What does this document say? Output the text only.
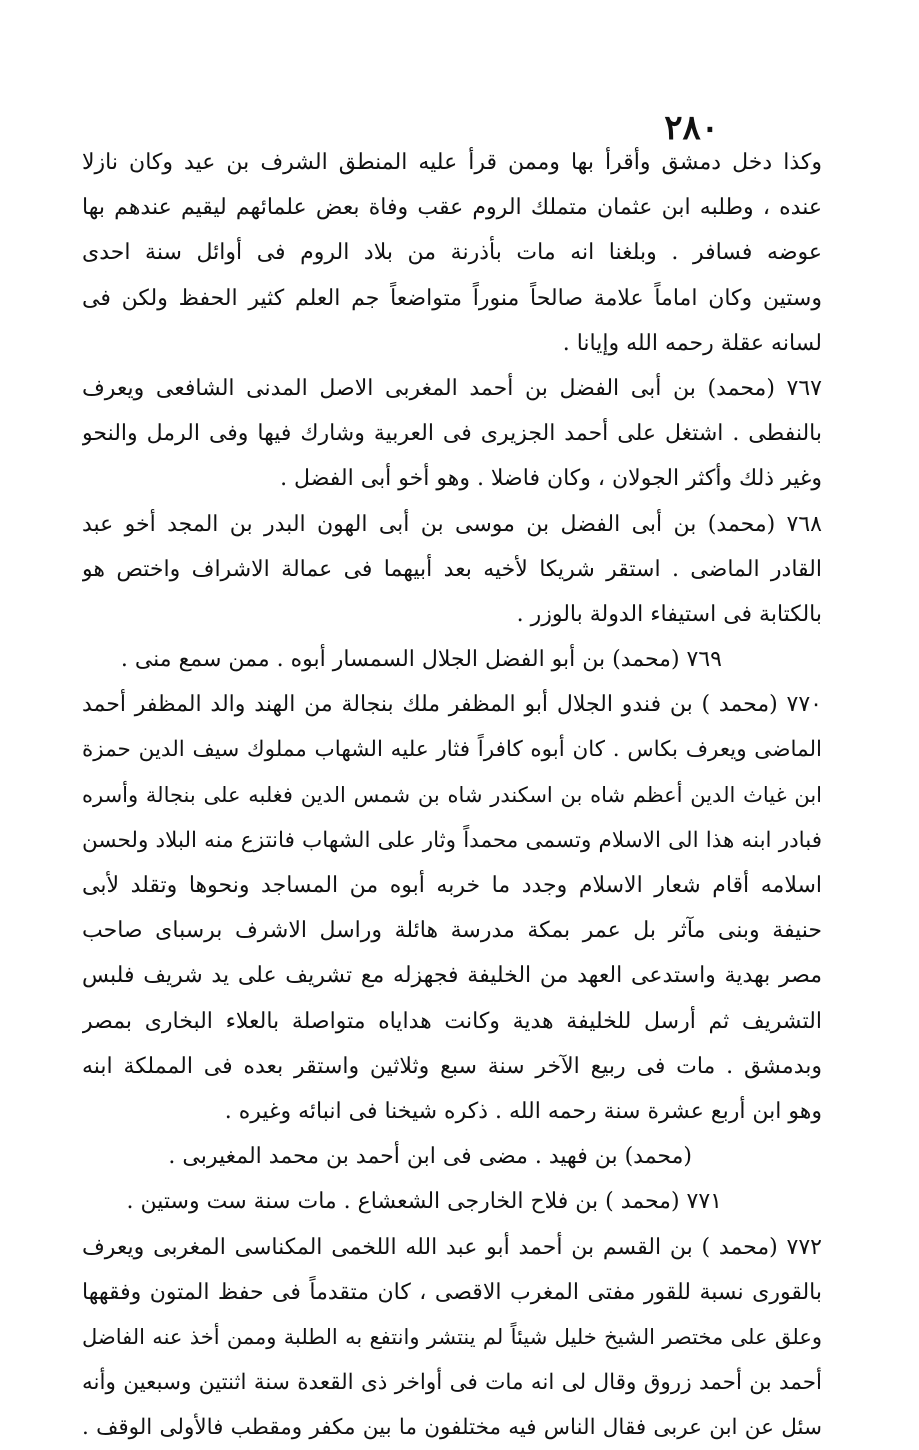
٢٨٠
وكذا دخل دمشق وأقرأ بها وممن قرأ عليه المنطق الشرف بن عيد وكان نازلا
عنده ، وطلبه ابن عثمان متملك الروم عقب وفاة بعض علمائهم ليقيم عندهم بها
عوضه فسافر . وبلغنا انه مات بأذرنة من بلاد الروم فى أوائل سنة احدى
وستين وكان اماماً علامة صالحاً منوراً متواضعاً جم العلم كثير الحفظ ولكن فى
لسانه عقلة رحمه الله وإيانا .
٧٦٧ (محمد) بن أبى الفضل بن أحمد المغربى الاصل المدنى الشافعى ويعرف
بالنفطى . اشتغل على أحمد الجزيرى فى العربية وشارك فيها وفى الرمل والنحو
وغير ذلك وأكثر الجولان ، وكان فاضلا . وهو أخو أبى الفضل .
٧٦٨ (محمد) بن أبى الفضل بن موسى بن أبى الهون البدر بن المجد أخو عبد
القادر الماضى . استقر شريكا لأخيه بعد أبيهما فى عمالة الاشراف واختص هو
بالكتابة فى استيفاء الدولة بالوزر .
٧٦٩ (محمد) بن أبو الفضل الجلال السمسار أبوه . ممن سمع منى .
٧٧٠ (محمد ) بن فندو الجلال أبو المظفر ملك بنجالة من الهند والد المظفر أحمد
الماضى ويعرف بكاس . كان أبوه كافراً فثار عليه الشهاب مملوك سيف الدين حمزة
ابن غياث الدين أعظم شاه بن اسكندر شاه بن شمس الدين فغلبه على بنجالة وأسره
فبادر ابنه هذا الى الاسلام وتسمى محمداً وثار على الشهاب فانتزع منه البلاد ولحسن
اسلامه أقام شعار الاسلام وجدد ما خربه أبوه من المساجد ونحوها وتقلد لأبى
حنيفة وبنى مآثر بل عمر بمكة مدرسة هائلة وراسل الاشرف برسباى صاحب
مصر بهدية واستدعى العهد من الخليفة فجهزله مع تشريف على يد شريف فلبس
التشريف ثم أرسل للخليفة هدية وكانت هداياه متواصلة بالعلاء البخارى بمصر
وبدمشق . مات فى ربيع الآخر سنة سبع وثلاثين واستقر بعده فى المملكة ابنه
وهو ابن أربع عشرة سنة رحمه الله . ذكره شيخنا فى انبائه وغيره .
(محمد) بن فهيد . مضى فى ابن أحمد بن محمد المغيربى .
٧٧١ (محمد ) بن فلاح الخارجى الشعشاع . مات سنة ست وستين .
٧٧٢ (محمد ) بن القسم بن أحمد أبو عبد الله اللخمى المكناسى المغربى ويعرف
بالقورى نسبة للقور مفتى المغرب الاقصى ، كان متقدماً فى حفظ المتون وفقهها
وعلق على مختصر الشيخ خليل شيئاً لم ينتشر وانتفع به الطلبة وممن أخذ عنه الفاضل
أحمد بن أحمد زروق وقال لى انه مات فى أواخر ذى القعدة سنة اثنتين وسبعين وأنه
سئل عن ابن عربى فقال الناس فيه مختلفون ما بين مكفر ومقطب فالأولى الوقف .
